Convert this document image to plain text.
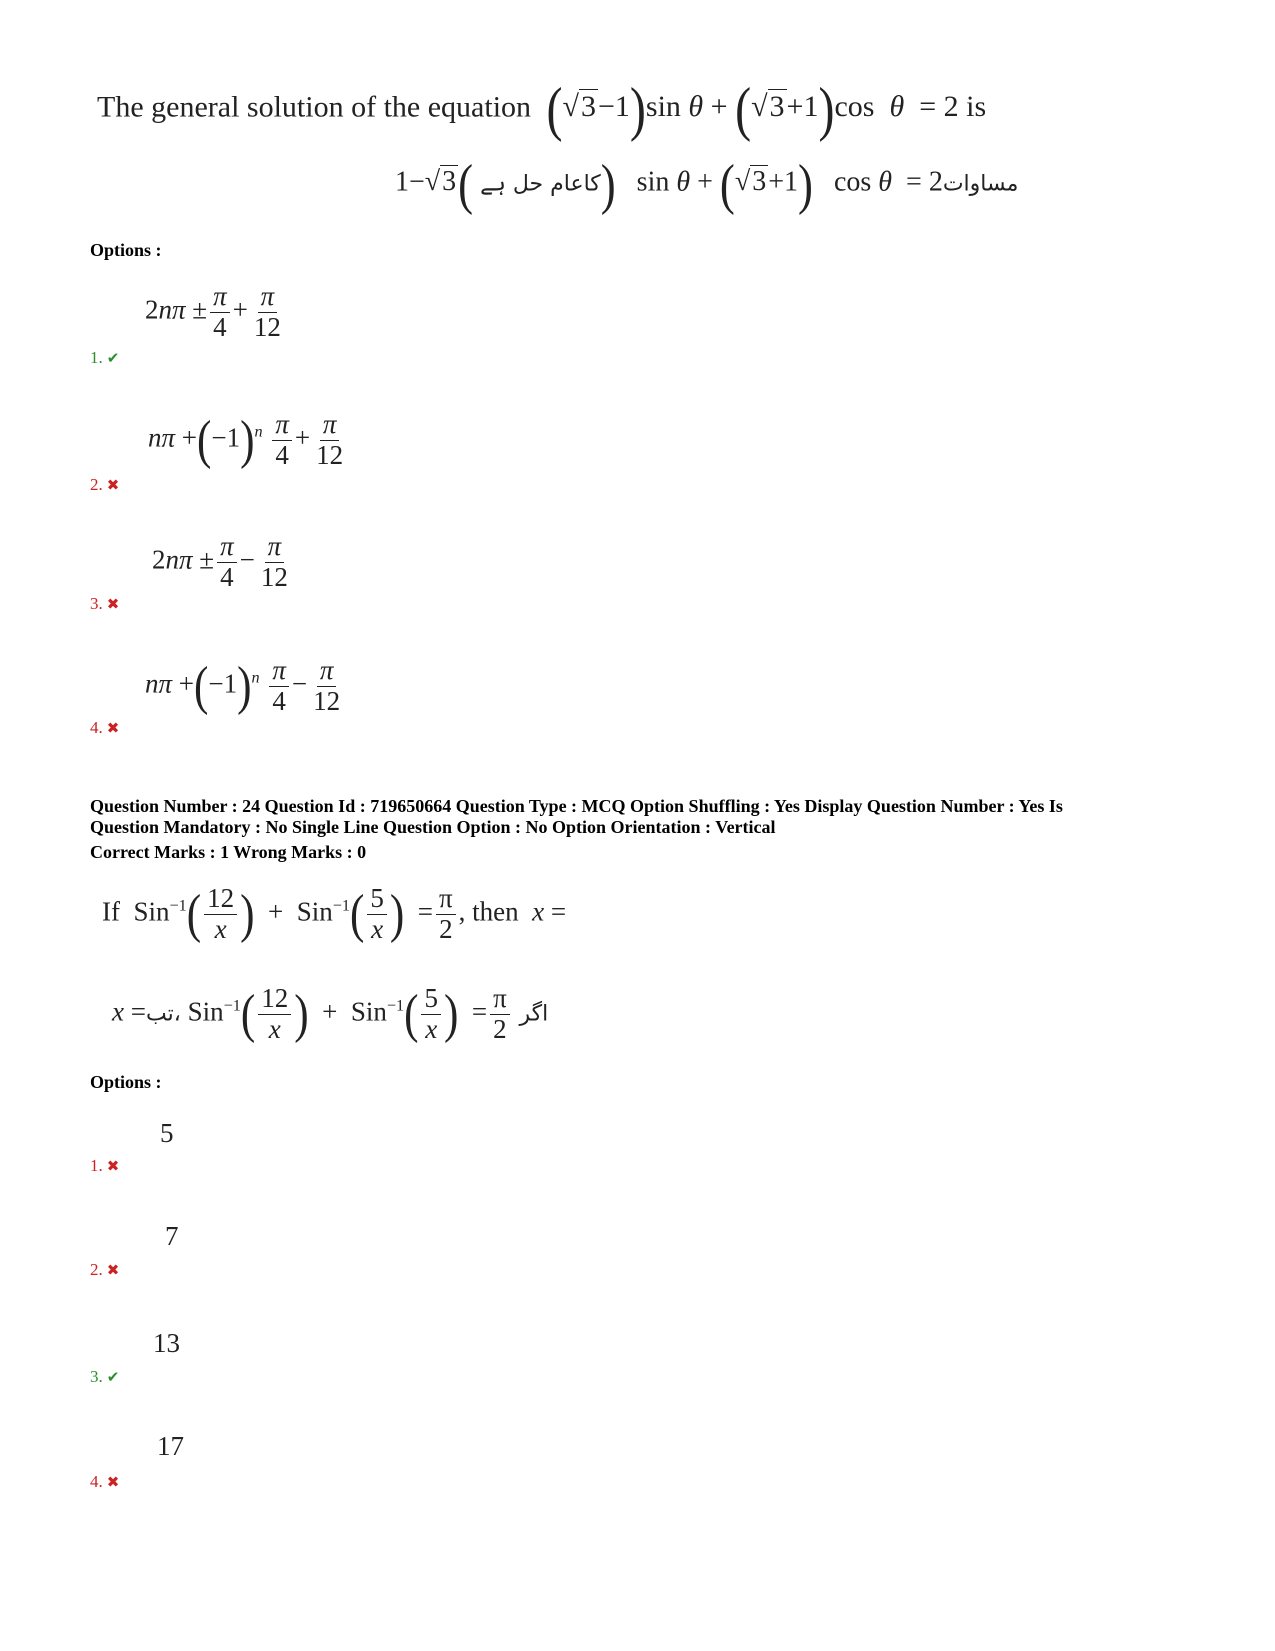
The general solution of the equation (√3−1)sin θ + (√3+1)cos  θ  = 2 is
کاعام حل ہے (√3−1	)   sin θ + (√3+1)   cos θ  = 2مساوات
Options :
$2n\pi \pm \frac{\pi}{4} + \frac{\pi}{12}$
1. ✔
$n\pi +(-1)^n \frac{\pi}{4} + \frac{\pi}{12}$
2. ✖
$2n\pi \pm \frac{\pi}{4} - \frac{\pi}{12}$
3. ✖
$n\pi +(-1)^n \frac{\pi}{4} - \frac{\pi}{12}$
4. ✖
Question Number : 24 Question Id : 719650664 Question Type : MCQ Option Shuffling : Yes Display Question Number : Yes Is
Question Mandatory : No Single Line Question Option : No Option Orientation : Vertical
Correct Marks : 1 Wrong Marks : 0
If  $Sin^{-1}( \frac{12}{x}$ )  +  $Sin^{-1}( \frac{5}{x}$ )  = $\frac{\pi}{2}$ , then x =
x =تب، $Sin^{-1}( \frac{12}{x}$ )  +  $Sin^{-1}( \frac{5}{x}$ )  = $\frac{\pi}{2}$ اگر
Options :
5
1. ✖
7
2. ✖
13
3. ✔
17
4. ✖
